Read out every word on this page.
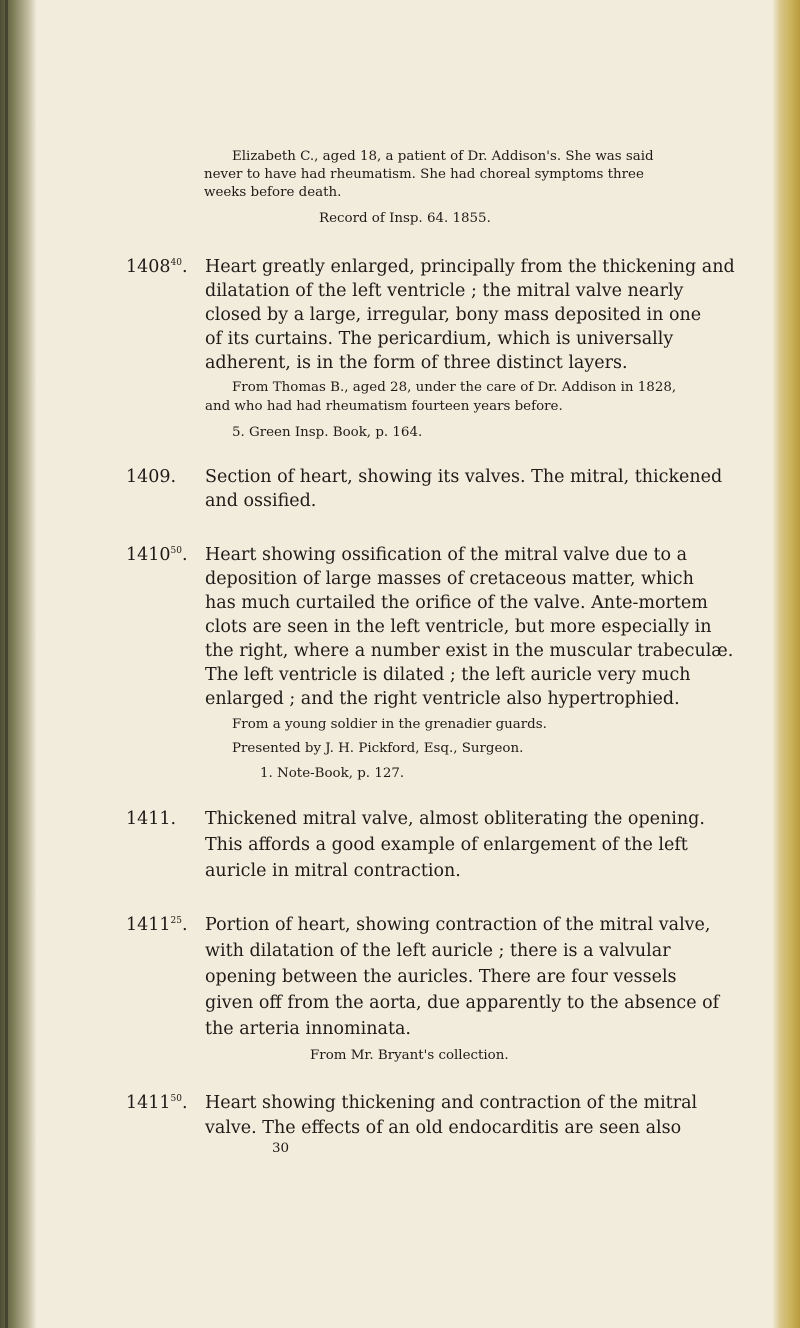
Elizabeth C., aged 18, a patient of Dr. Addison's. She was said
never to have had rheumatism. She had choreal symptoms three
weeks before death.
Record of Insp. 64. 1855.
1408$^{40}$. Heart greatly enlarged, principally from the thickening and
dilatation of the left ventricle ; the mitral valve nearly
closed by a large, irregular, bony mass deposited in one
of its curtains. The pericardium, which is universally
adherent, is in the form of three distinct layers.
From Thomas B., aged 28, under the care of Dr. Addison in 1828,
and who had had rheumatism fourteen years before.
5. Green Insp. Book, p. 164.
1409. Section of heart, showing its valves. The mitral, thickened
and ossified.
1410$^{50}$. Heart showing ossification of the mitral valve due to a
deposition of large masses of cretaceous matter, which
has much curtailed the orifice of the valve. Ante-mortem
clots are seen in the left ventricle, but more especially in
the right, where a number exist in the muscular trabeculæ.
The left ventricle is dilated ; the left auricle very much
enlarged ; and the right ventricle also hypertrophied.
From a young soldier in the grenadier guards.
Presented by J. H. Pickford, Esq., Surgeon.
1. Note-Book, p. 127.
1411. Thickened mitral valve, almost obliterating the opening.
This affords a good example of enlargement of the left
auricle in mitral contraction.
1411$^{25}$. Portion of heart, showing contraction of the mitral valve,
with dilatation of the left auricle ; there is a valvular
opening between the auricles. There are four vessels
given off from the aorta, due apparently to the absence of
the arteria innominata.
From Mr. Bryant's collection.
1411$^{50}$. Heart showing thickening and contraction of the mitral
valve. The effects of an old endocarditis are seen also
30
